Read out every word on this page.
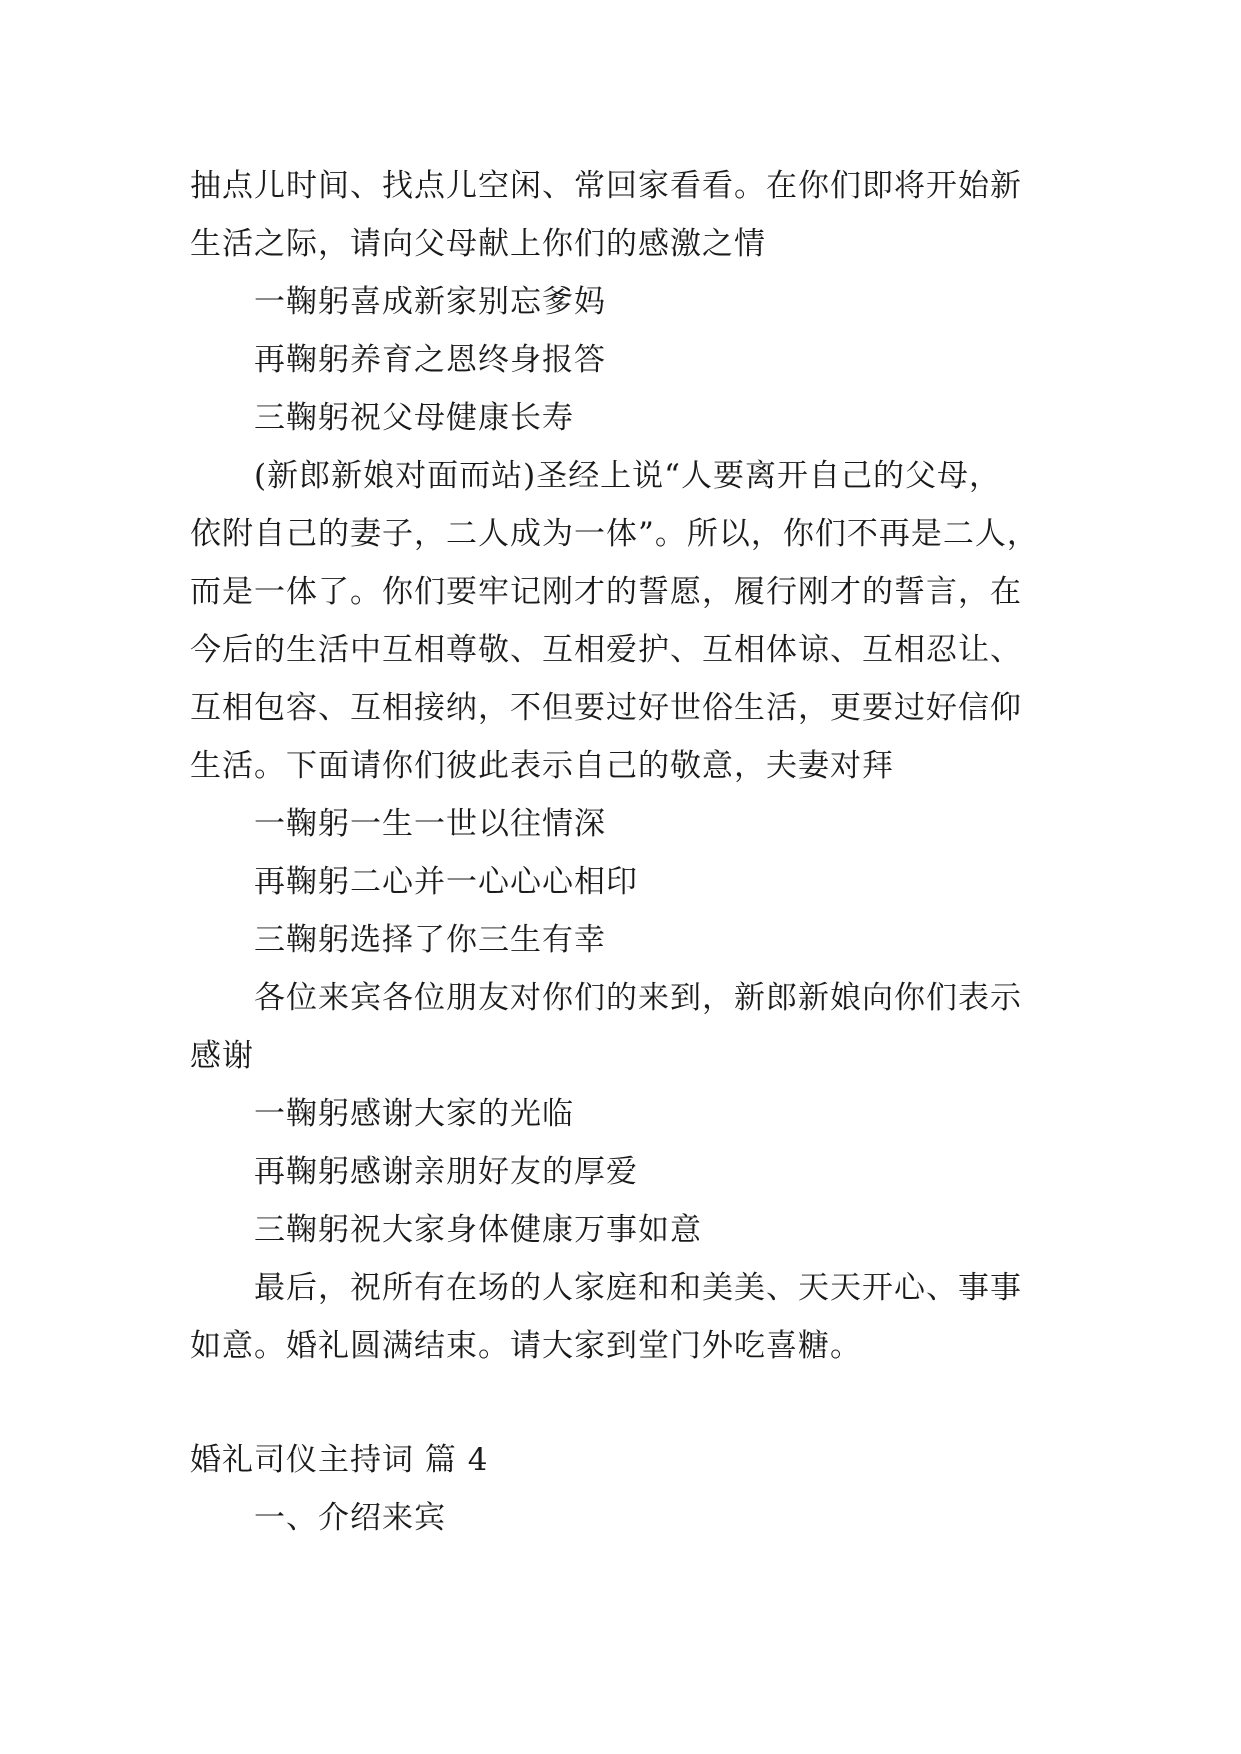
抽点儿时间、找点儿空闲、常回家看看。在你们即将开始新
生活之际，请向父母献上你们的感激之情
一鞠躬喜成新家别忘爹妈
再鞠躬养育之恩终身报答
三鞠躬祝父母健康长寿
(新郎新娘对面而站)圣经上说“人要离开自己的父母，
依附自己的妻子，二人成为一体”。所以，你们不再是二人，
而是一体了。你们要牢记刚才的誓愿，履行刚才的誓言，在
今后的生活中互相尊敬、互相爱护、互相体谅、互相忍让、
互相包容、互相接纳，不但要过好世俗生活，更要过好信仰
生活。下面请你们彼此表示自己的敬意，夫妻对拜
一鞠躬一生一世以往情深
再鞠躬二心并一心心心相印
三鞠躬选择了你三生有幸
各位来宾各位朋友对你们的来到，新郎新娘向你们表示
感谢
一鞠躬感谢大家的光临
再鞠躬感谢亲朋好友的厚爱
三鞠躬祝大家身体健康万事如意
最后，祝所有在场的人家庭和和美美、天天开心、事事
如意。婚礼圆满结束。请大家到堂门外吃喜糖。
婚礼司仪主持词 篇 4
一、介绍来宾
